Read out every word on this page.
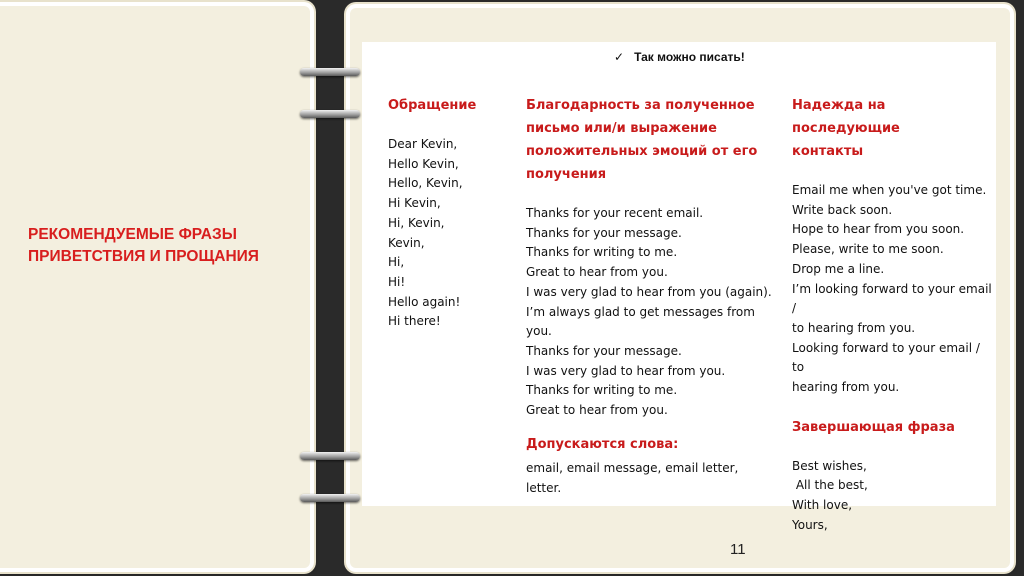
РЕКОМЕНДУЕМЫЕ ФРАЗЫ
ПРИВЕТСТВИЯ И ПРОЩАНИЯ
✓ Так можно писать!
Обращение
Dear Kevin,
Hello Kevin,
Hello, Kevin,
Hi Kevin,
Hi, Kevin,
Kevin,
Hi,
Hi!
Hello again!
Hi there!
Благодарность за полученное
письмо или/и выражение
положительных эмоций от его
получения
Thanks for your recent email.
Thanks for your message.
Thanks for writing to me.
Great to hear from you.
I was very glad to hear from you (again).
I’m always glad to get messages from
you.
Thanks for your message.
I was very glad to hear from you.
Thanks for writing to me.
Great to hear from you.
Допускаются слова:
email, email message, email letter,
letter.
Надежда на последующие
контакты
Email me when you've got time.
Write back soon.
Hope to hear from you soon.
Please, write to me soon.
Drop me a line.
I’m looking forward to your email /
to hearing from you.
Looking forward to your email / to
hearing from you.
Завершающая фраза
Best wishes,
All the best,
With love,
Yours,
11
